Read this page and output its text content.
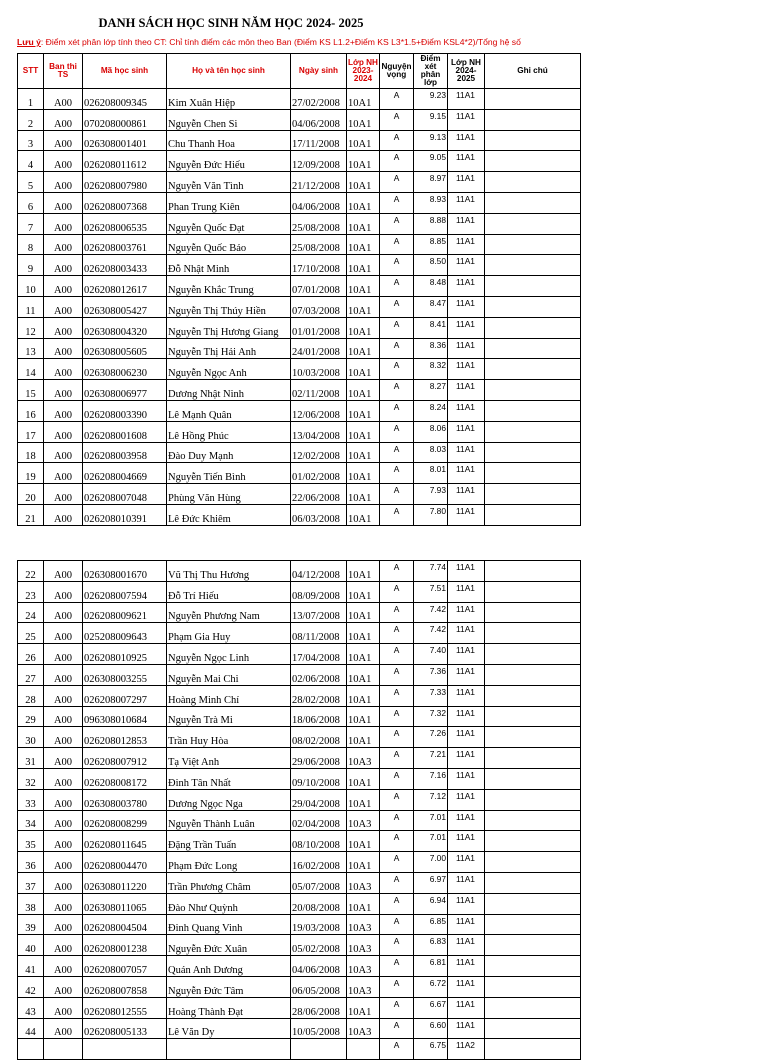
DANH SÁCH HỌC SINH NĂM HỌC 2024- 2025
Lưu ý: Điểm xét phân lớp tính theo CT: Chỉ tính điểm các môn theo Ban (Điểm KS L1.2+Điểm KS L3*1.5+Điểm KSL4*2)/Tổng hệ số
STT	Ban thi TS	Mã học sinh	Họ và tên học sinh	Ngày sinh	Lớp NH 2023-2024	Nguyện vọng	Điểm xét phân lớp	Lớp NH 2024-2025	Ghi chú
1	A00	026208009345	Kim Xuân Hiệp	27/02/2008	10A1	A	9.23	11A1	
2	A00	070208000861	Nguyễn Chen Si	04/06/2008	10A1	A	9.15	11A1	
3	A00	026308001401	Chu Thanh Hoa	17/11/2008	10A1	A	9.13	11A1	
4	A00	026208011612	Nguyễn Đức Hiếu	12/09/2008	10A1	A	9.05	11A1	
5	A00	026208007980	Nguyễn Văn Tình	21/12/2008	10A1	A	8.97	11A1	
6	A00	026208007368	Phan Trung Kiên	04/06/2008	10A1	A	8.93	11A1	
7	A00	026208006535	Nguyễn Quốc Đạt	25/08/2008	10A1	A	8.88	11A1	
8	A00	026208003761	Nguyễn Quốc Bảo	25/08/2008	10A1	A	8.85	11A1	
9	A00	026208003433	Đỗ Nhật Minh	17/10/2008	10A1	A	8.50	11A1	
10	A00	026208012617	Nguyễn Khắc Trung	07/01/2008	10A1	A	8.48	11A1	
11	A00	026308005427	Nguyễn Thị Thúy Hiền	07/03/2008	10A1	A	8.47	11A1	
12	A00	026308004320	Nguyễn Thị Hương Giang	01/01/2008	10A1	A	8.41	11A1	
13	A00	026308005605	Nguyễn Thị Hải Anh	24/01/2008	10A1	A	8.36	11A1	
14	A00	026308006230	Nguyễn Ngọc Anh	10/03/2008	10A1	A	8.32	11A1	
15	A00	026308006977	Dương Nhật Ninh	02/11/2008	10A1	A	8.27	11A1	
16	A00	026208003390	Lê Mạnh Quân	12/06/2008	10A1	A	8.24	11A1	
17	A00	026208001608	Lê Hồng Phúc	13/04/2008	10A1	A	8.06	11A1	
18	A00	026208003958	Đào Duy Mạnh	12/02/2008	10A1	A	8.03	11A1	
19	A00	026208004669	Nguyễn Tiến Bình	01/02/2008	10A1	A	8.01	11A1	
20	A00	026208007048	Phùng Văn Hùng	22/06/2008	10A1	A	7.93	11A1	
21	A00	026208010391	Lê Đức Khiêm	06/03/2008	10A1	A	7.80	11A1	
22	A00	026308001670	Vũ Thị Thu Hương	04/12/2008	10A1	A	7.74	11A1	
23	A00	026208007594	Đỗ Trí Hiếu	08/09/2008	10A1	A	7.51	11A1	
24	A00	026208009621	Nguyễn Phương Nam	13/07/2008	10A1	A	7.42	11A1	
25	A00	025208009643	Phạm Gia Huy	08/11/2008	10A1	A	7.42	11A1	
26	A00	026208010925	Nguyễn Ngọc Linh	17/04/2008	10A1	A	7.40	11A1	
27	A00	026308003255	Nguyễn Mai Chi	02/06/2008	10A1	A	7.36	11A1	
28	A00	026208007297	Hoàng Minh Chí	28/02/2008	10A1	A	7.33	11A1	
29	A00	096308010684	Nguyễn Trà Mi	18/06/2008	10A1	A	7.32	11A1	
30	A00	026208012853	Trần Huy Hòa	08/02/2008	10A1	A	7.26	11A1	
31	A00	026208007912	Tạ Việt Anh	29/06/2008	10A3	A	7.21	11A1	
32	A00	026208008172	Đinh Tân Nhất	09/10/2008	10A1	A	7.16	11A1	
33	A00	026308003780	Dương Ngọc Nga	29/04/2008	10A1	A	7.12	11A1	
34	A00	026208008299	Nguyễn Thành Luân	02/04/2008	10A3	A	7.01	11A1	
35	A00	026208011645	Đặng Trần Tuấn	08/10/2008	10A1	A	7.01	11A1	
36	A00	026208004470	Phạm Đức Long	16/02/2008	10A1	A	7.00	11A1	
37	A00	026308011220	Trần Phương Châm	05/07/2008	10A3	A	6.97	11A1	
38	A00	026308011065	Đào Như Quỳnh	20/08/2008	10A1	A	6.94	11A1	
39	A00	026208004504	Đinh Quang Vinh	19/03/2008	10A3	A	6.85	11A1	
40	A00	026208001238	Nguyễn Đức Xuân	05/02/2008	10A3	A	6.83	11A1	
41	A00	026208007057	Quán Anh Dương	04/06/2008	10A3	A	6.81	11A1	
42	A00	026208007858	Nguyễn Đức Tâm	06/05/2008	10A3	A	6.72	11A1	
43	A00	026208012555	Hoàng Thành Đạt	28/06/2008	10A1	A	6.67	11A1	
44	A00	026208005133	Lê Văn Dy	10/05/2008	10A3	A	6.60	11A1	
						A	6.75	11A2	
